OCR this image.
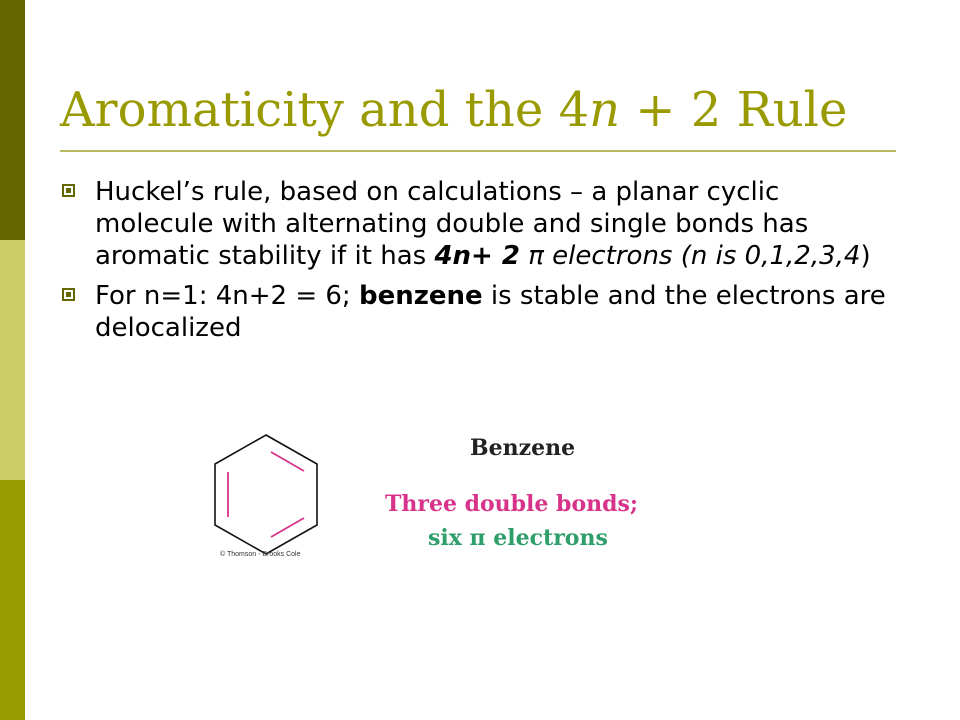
Aromaticity and the 4n + 2 Rule
Huckel’s rule, based on calculations – a planar cyclic molecule with alternating double and single bonds has aromatic stability if it has 4n+ 2 π electrons (n is 0,1,2,3,4)
For n=1: 4n+2 = 6; benzene is stable and the electrons are delocalized
© Thomson - Brooks Cole
Benzene
Three double bonds;
six π electrons
